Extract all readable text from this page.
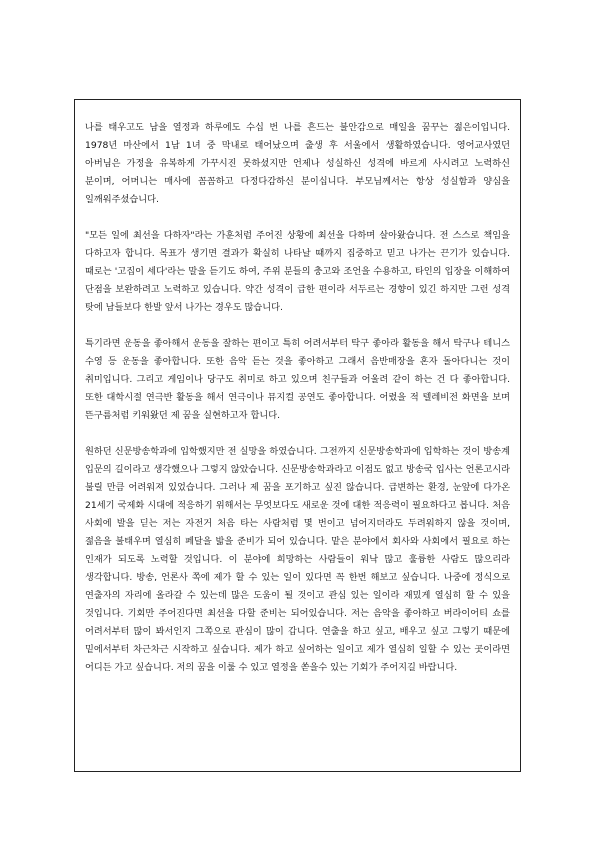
나를 태우고도 남을 열정과 하루에도 수십 번 나를 흔드는 불안감으로 매일을 꿈꾸는 젊은이입니다. 1978년 마산에서 1남 1녀 중 막내로 태어났으며 출생 후 서울에서 생활하였습니다. 영어교사였던 아버님은 가정을 유복하게 가꾸시진 못하셨지만 언제나 성실하신 성격에 바르게 사시려고 노력하신 분이며, 어머니는 매사에 꼼꼼하고 다정다감하신 분이십니다. 부모님께서는 항상 성실함과 양심을 일깨워주셨습니다.

"모든 일에 최선을 다하자"라는 가훈처럼 주어진 상황에 최선을 다하며 살아왔습니다. 전 스스로 책임을 다하고자 합니다. 목표가 생기면 결과가 확실히 나타날 때까지 집중하고 믿고 나가는 끈기가 있습니다. 때로는 '고집이 세다'라는 말을 듣기도 하여, 주위 분들의 충고와 조언을 수용하고, 타인의 입장을 이해하여 단점을 보완하려고 노력하고 있습니다. 약간 성격이 급한 편이라 서두르는 경향이 있긴 하지만 그런 성격 탓에 남들보다 한발 앞서 나가는 경우도 많습니다.

특기라면 운동을 좋아해서 운동을 잘하는 편이고 특히 어려서부터 탁구 좋아라 활동을 해서 탁구나 테니스 수영 등 운동을 좋아합니다. 또한 음악 듣는 것을 좋아하고 그래서 음반매장을 혼자 돌아다니는 것이 취미입니다. 그리고 게임이나 당구도 취미로 하고 있으며 친구들과 어울려 같이 하는 건 다 좋아합니다. 또한 대학시절 연극반 활동을 해서 연극이나 뮤지컬 공연도 좋아합니다. 어렸을 적 텔레비전 화면을 보며 뜬구름처럼 키워왔던 제 꿈을 실현하고자 합니다.

원하던 신문방송학과에 입학했지만 전 실망을 하였습니다. 그전까지 신문방송학과에 입학하는 것이 방송계 입문의 길이라고 생각했으나 그렇지 않았습니다. 신문방송학과라고 이점도 없고 방송국 입사는 언론고시라 불릴 만큼 어려워져 있었습니다. 그러나 제 꿈을 포기하고 싶진 않습니다. 급변하는 환경, 눈앞에 다가온 21세기 국제화 시대에 적응하기 위해서는 무엇보다도 새로운 것에 대한 적응력이 필요하다고 봅니다. 처음 사회에 발을 딛는 저는 자전거 처음 타는 사람처럼 몇 번이고 넘어지더라도 두려워하지 않을 것이며, 젊음을 불태우며 열심히 페달을 밟을 준비가 되어 있습니다. 맡은 분야에서 회사와 사회에서 필요로 하는 인재가 되도록 노력할 것입니다. 이 분야에 희망하는 사람들이 워낙 많고 훌륭한 사람도 많으리라 생각합니다. 방송, 언론사 쪽에 제가 할 수 있는 일이 있다면 꼭 한번 해보고 싶습니다. 나중에 정식으로 연출자의 자리에 올라갈 수 있는데 많은 도움이 될 것이고 관심 있는 일이라 재밌게 열심히 할 수 있을 것입니다. 기회만 주어진다면 최선을 다할 준비는 되어있습니다. 저는 음악을 좋아하고 버라이어티 쇼를 어려서부터 많이 봐서인지 그쪽으로 관심이 많이 갑니다. 연출을 하고 싶고, 배우고 싶고 그렇기 때문에 밑에서부터 차근차근 시작하고 싶습니다. 제가 하고 싶어하는 일이고 제가 열심히 일할 수 있는 곳이라면 어디든 가고 싶습니다. 저의 꿈을 이룰 수 있고 열정을 쏟을수 있는 기회가 주어지길 바랍니다.
